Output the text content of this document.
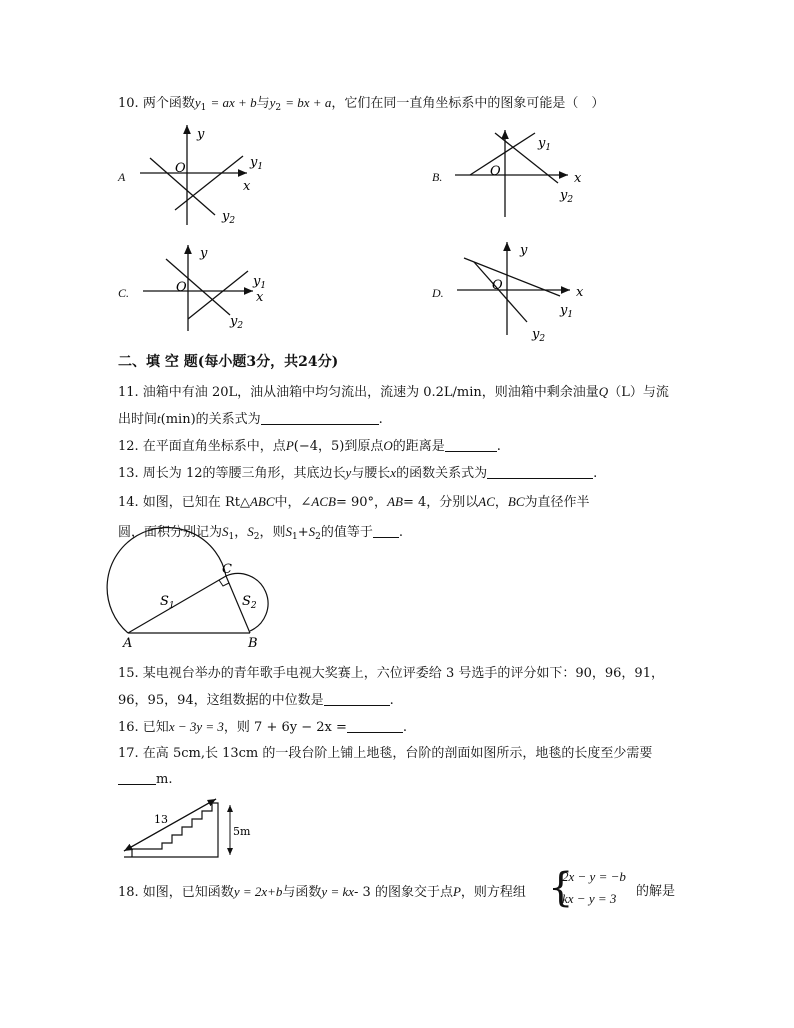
10. 两个函数$y_1$ = ax + b与$y_2$ = bx + a，它们在同一直角坐标系中的图象可能是（　）
A
y
x
O	$y_1$
$y_2$
B.
$y_1$
x
O
$y_2$
C.
y
O	$y_1$
x
$y_2$
D.
y
x
O
$y_1$
$y_2$
二、填 空 题(每小题3分，共24分)
11. 油箱中有油 20L，油从油箱中均匀流出，流速为 0.2L/min，则油箱中剩余油量Q（L）与流
出时间t(min)的关系式为	.
12. 在平面直角坐标系中，点P(−4，5)到原点O的距离是	.
13. 周长为 12的等腰三角形，其底边长y与腰长x的函数关系式为	.
14. 如图，已知在 Rt△ABC中，∠ACB= 90°，AB= 4，分别以AC，BC为直径作半
圆，面积分别记为$S_1$，$S_2$，则$S_1+S_2$的值等于 .
C
A	B
$S_1$	$S_2$
15. 某电视台举办的青年歌手电视大奖赛上，六位评委给 3 号选手的评分如下：90，96，91，
96，95，94，这组数据的中位数是	.
16. 已知x − 3y = 3，则 7 + 6y − 2x =	.
17. 在高 5cm,长 13cm 的一段台阶上铺上地毯，台阶的剖面如图所示，地毯的长度至少需要
m.
13
5m
18. 如图，已知函数y = 2x+b与函数y = kx- 3 的图象交于点P，则方程组 {
2x − y = −b
kx − y = 3 的解是
